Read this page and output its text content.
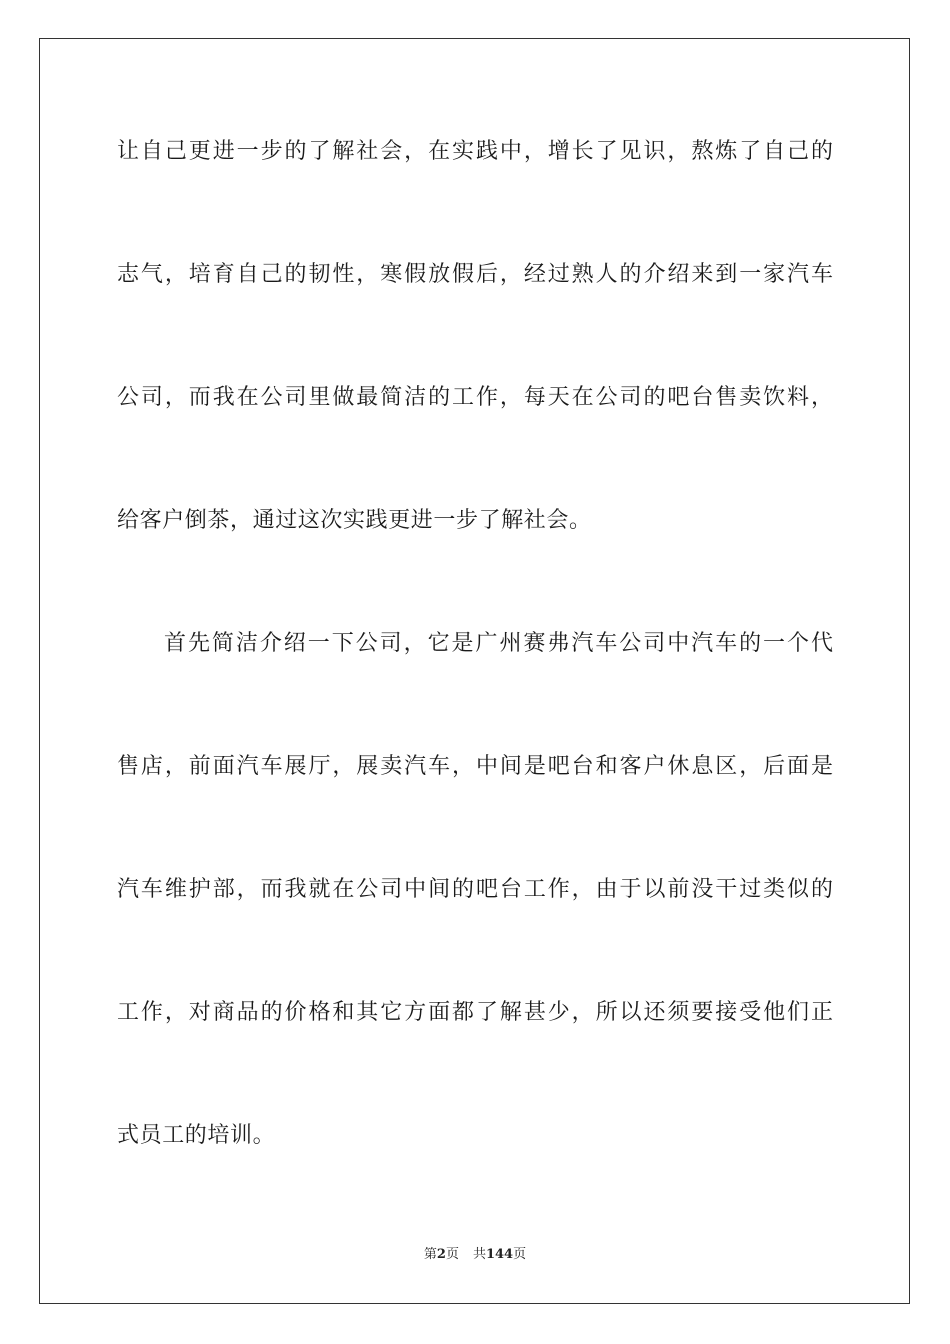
让自己更进一步的了解社会，在实践中，增长了见识，熬炼了自己的
志气，培育自己的韧性，寒假放假后，经过熟人的介绍来到一家汽车
公司，而我在公司里做最简洁的工作，每天在公司的吧台售卖饮料，
给客户倒茶，通过这次实践更进一步了解社会。
首先简洁介绍一下公司，它是广州赛弗汽车公司中汽车的一个代
售店，前面汽车展厅，展卖汽车，中间是吧台和客户休息区，后面是
汽车维护部，而我就在公司中间的吧台工作，由于以前没干过类似的
工作，对商品的价格和其它方面都了解甚少，所以还须要接受他们正
式员工的培训。
第2页 共144页
